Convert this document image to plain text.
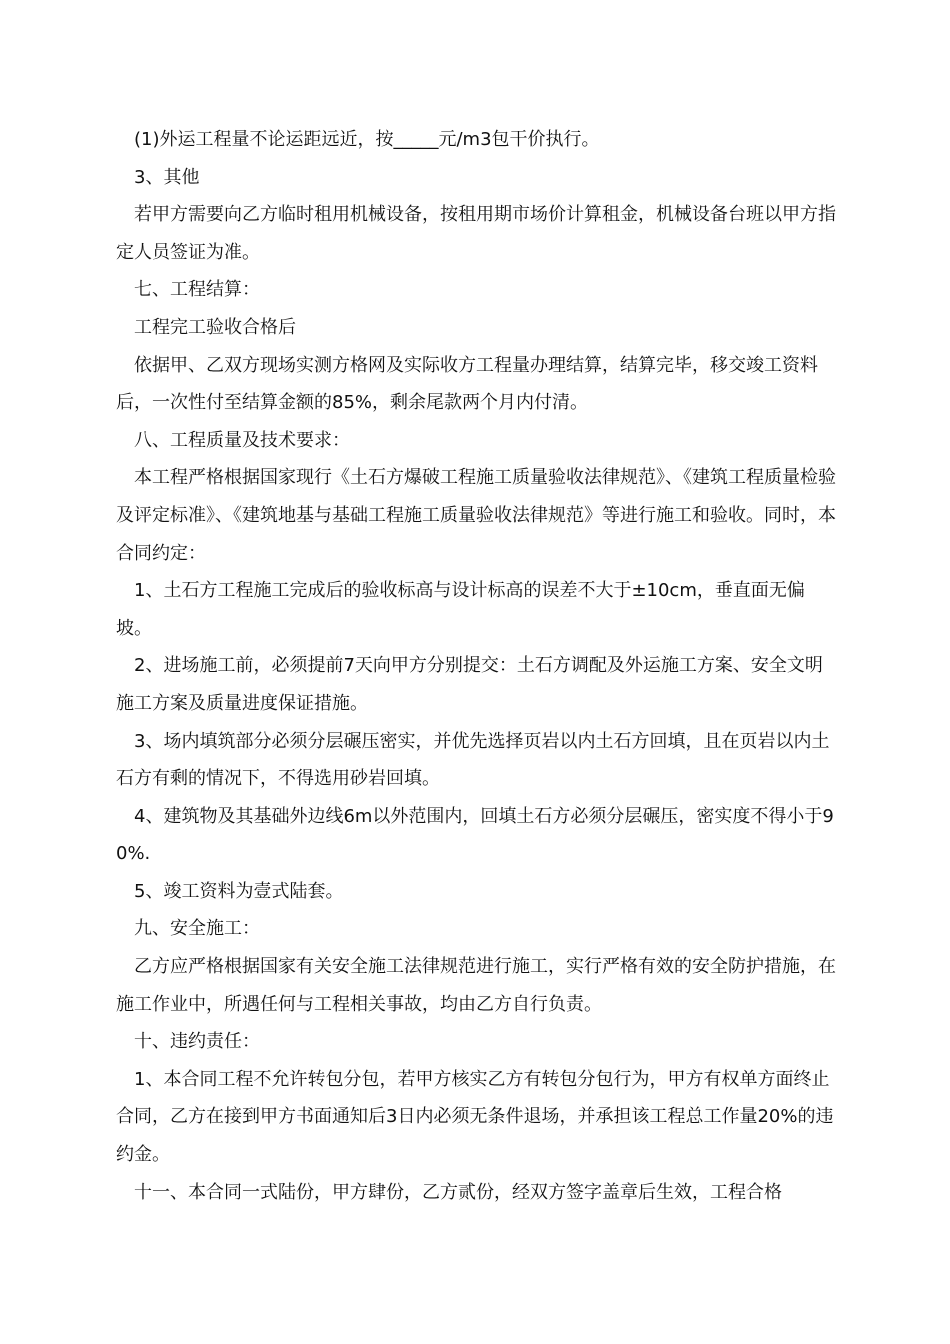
(1)外运工程量不论运距远近，按_____元/m3包干价执行。

3、其他

若甲方需要向乙方临时租用机械设备，按租用期市场价计算租金，机械设备台班以甲方指定人员签证为准。

七、工程结算：

工程完工验收合格后

依据甲、乙双方现场实测方格网及实际收方工程量办理结算，结算完毕，移交竣工资料后，一次性付至结算金额的85%，剩余尾款两个月内付清。

八、工程质量及技术要求：

本工程严格根据国家现行《土石方爆破工程施工质量验收法律规范》、《建筑工程质量检验及评定标准》、《建筑地基与基础工程施工质量验收法律规范》等进行施工和验收。同时，本合同约定：

1、土石方工程施工完成后的验收标高与设计标高的误差不大于±10cm，垂直面无偏坡。

2、进场施工前，必须提前7天向甲方分别提交：土石方调配及外运施工方案、安全文明施工方案及质量进度保证措施。

3、场内填筑部分必须分层碾压密实，并优先选择页岩以内土石方回填，且在页岩以内土石方有剩的情况下，不得选用砂岩回填。

4、建筑物及其基础外边线6m以外范围内，回填土石方必须分层碾压，密实度不得小于90%.

5、竣工资料为壹式陆套。

九、安全施工：

乙方应严格根据国家有关安全施工法律规范进行施工，实行严格有效的安全防护措施，在施工作业中，所遇任何与工程相关事故，均由乙方自行负责。

十、违约责任：

1、本合同工程不允许转包分包，若甲方核实乙方有转包分包行为，甲方有权单方面终止合同，乙方在接到甲方书面通知后3日内必须无条件退场，并承担该工程总工作量20%的违约金。

十一、本合同一式陆份，甲方肆份，乙方贰份，经双方签字盖章后生效，工程合格
